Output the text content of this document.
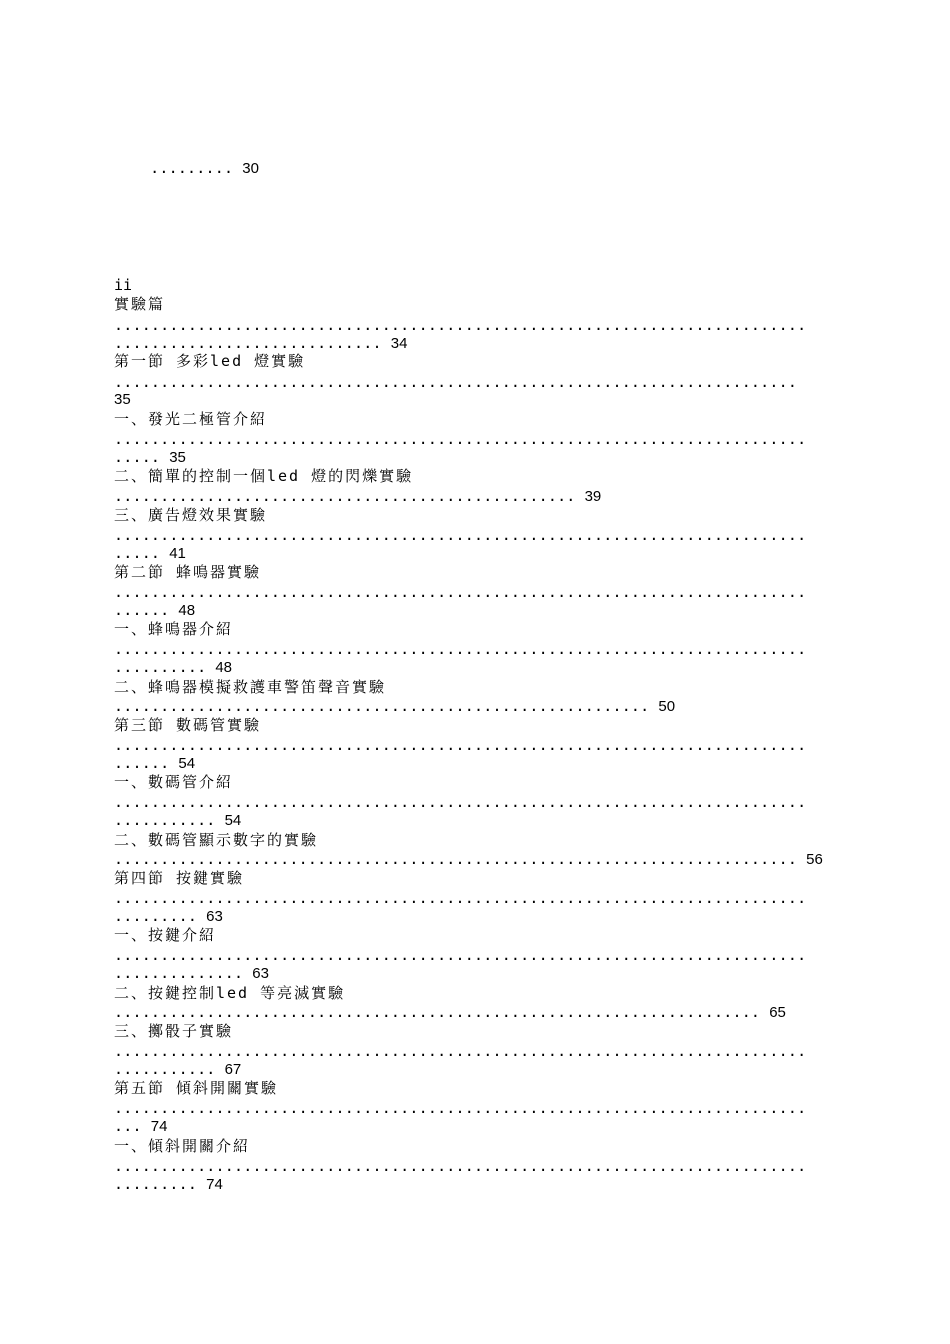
......... 30

ii
實驗篇
...........................................................................
............................. 34
第一節 多彩led 燈實驗
..........................................................................
35
一、發光二極管介紹
...........................................................................
..... 35
二、簡單的控制一個led 燈的閃爍實驗
.................................................. 39
三、廣告燈效果實驗
...........................................................................
..... 41
第二節 蜂鳴器實驗
...........................................................................
...... 48
一、蜂鳴器介紹
...........................................................................
.......... 48
二、蜂鳴器模擬救護車警笛聲音實驗
.......................................................... 50
第三節 數碼管實驗
...........................................................................
...... 54
一、數碼管介紹
...........................................................................
........... 54
二、數碼管顯示數字的實驗
.......................................................................... 56
第四節 按鍵實驗
...........................................................................
......... 63
一、按鍵介紹
...........................................................................
.............. 63
二、按鍵控制led 等亮滅實驗
...................................................................... 65
三、擲骰子實驗
...........................................................................
........... 67
第五節 傾斜開關實驗
...........................................................................
... 74
一、傾斜開關介紹
...........................................................................
......... 74
